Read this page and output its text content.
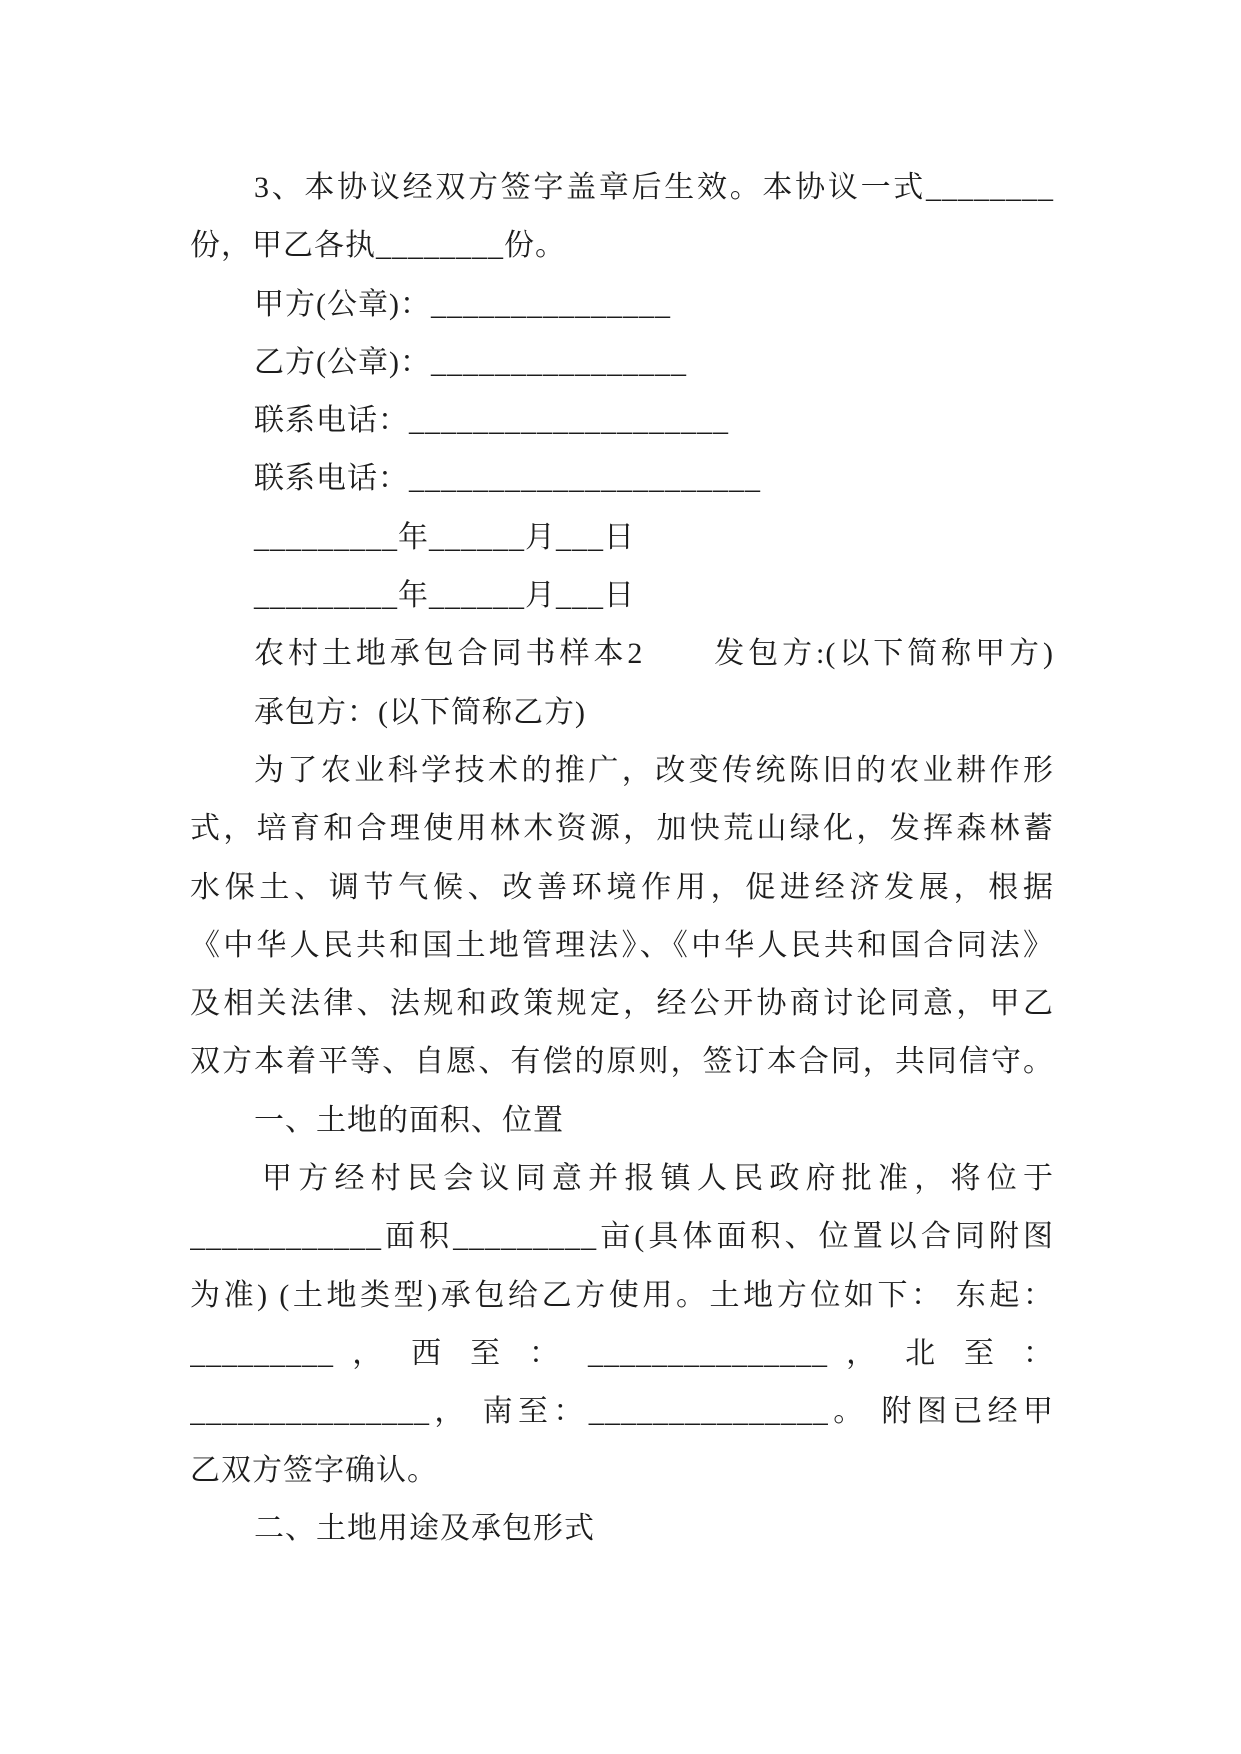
3、本协议经双方签字盖章后生效。本协议一式________
份，甲乙各执________份。
甲方(公章)：_______________
乙方(公章)：________________
联系电话：____________________
联系电话：______________________
_________年______月___日
_________年______月___日
农村土地承包合同书样本2　　发包方:(以下简称甲方)
承包方：(以下简称乙方)
为了农业科学技术的推广，改变传统陈旧的农业耕作形
式，培育和合理使用林木资源，加快荒山绿化，发挥森林蓄
水保土、调节气候、改善环境作用，促进经济发展，根据
《中华人民共和国土地管理法》、《中华人民共和国合同法》
及相关法律、法规和政策规定，经公开协商讨论同意，甲乙
双方本着平等、自愿、有偿的原则，签订本合同，共同信守。
一、土地的面积、位置
甲方经村民会议同意并报镇人民政府批准，将位于
____________面积_________亩(具体面积、位置以合同附图
为准) (土地类型)承包给乙方使用。土地方位如下： 东起：
_________ ， 西 至 ： _______________ ， 北 至 ：
_______________， 南至：_______________。 附图已经甲
乙双方签字确认。
二、土地用途及承包形式
